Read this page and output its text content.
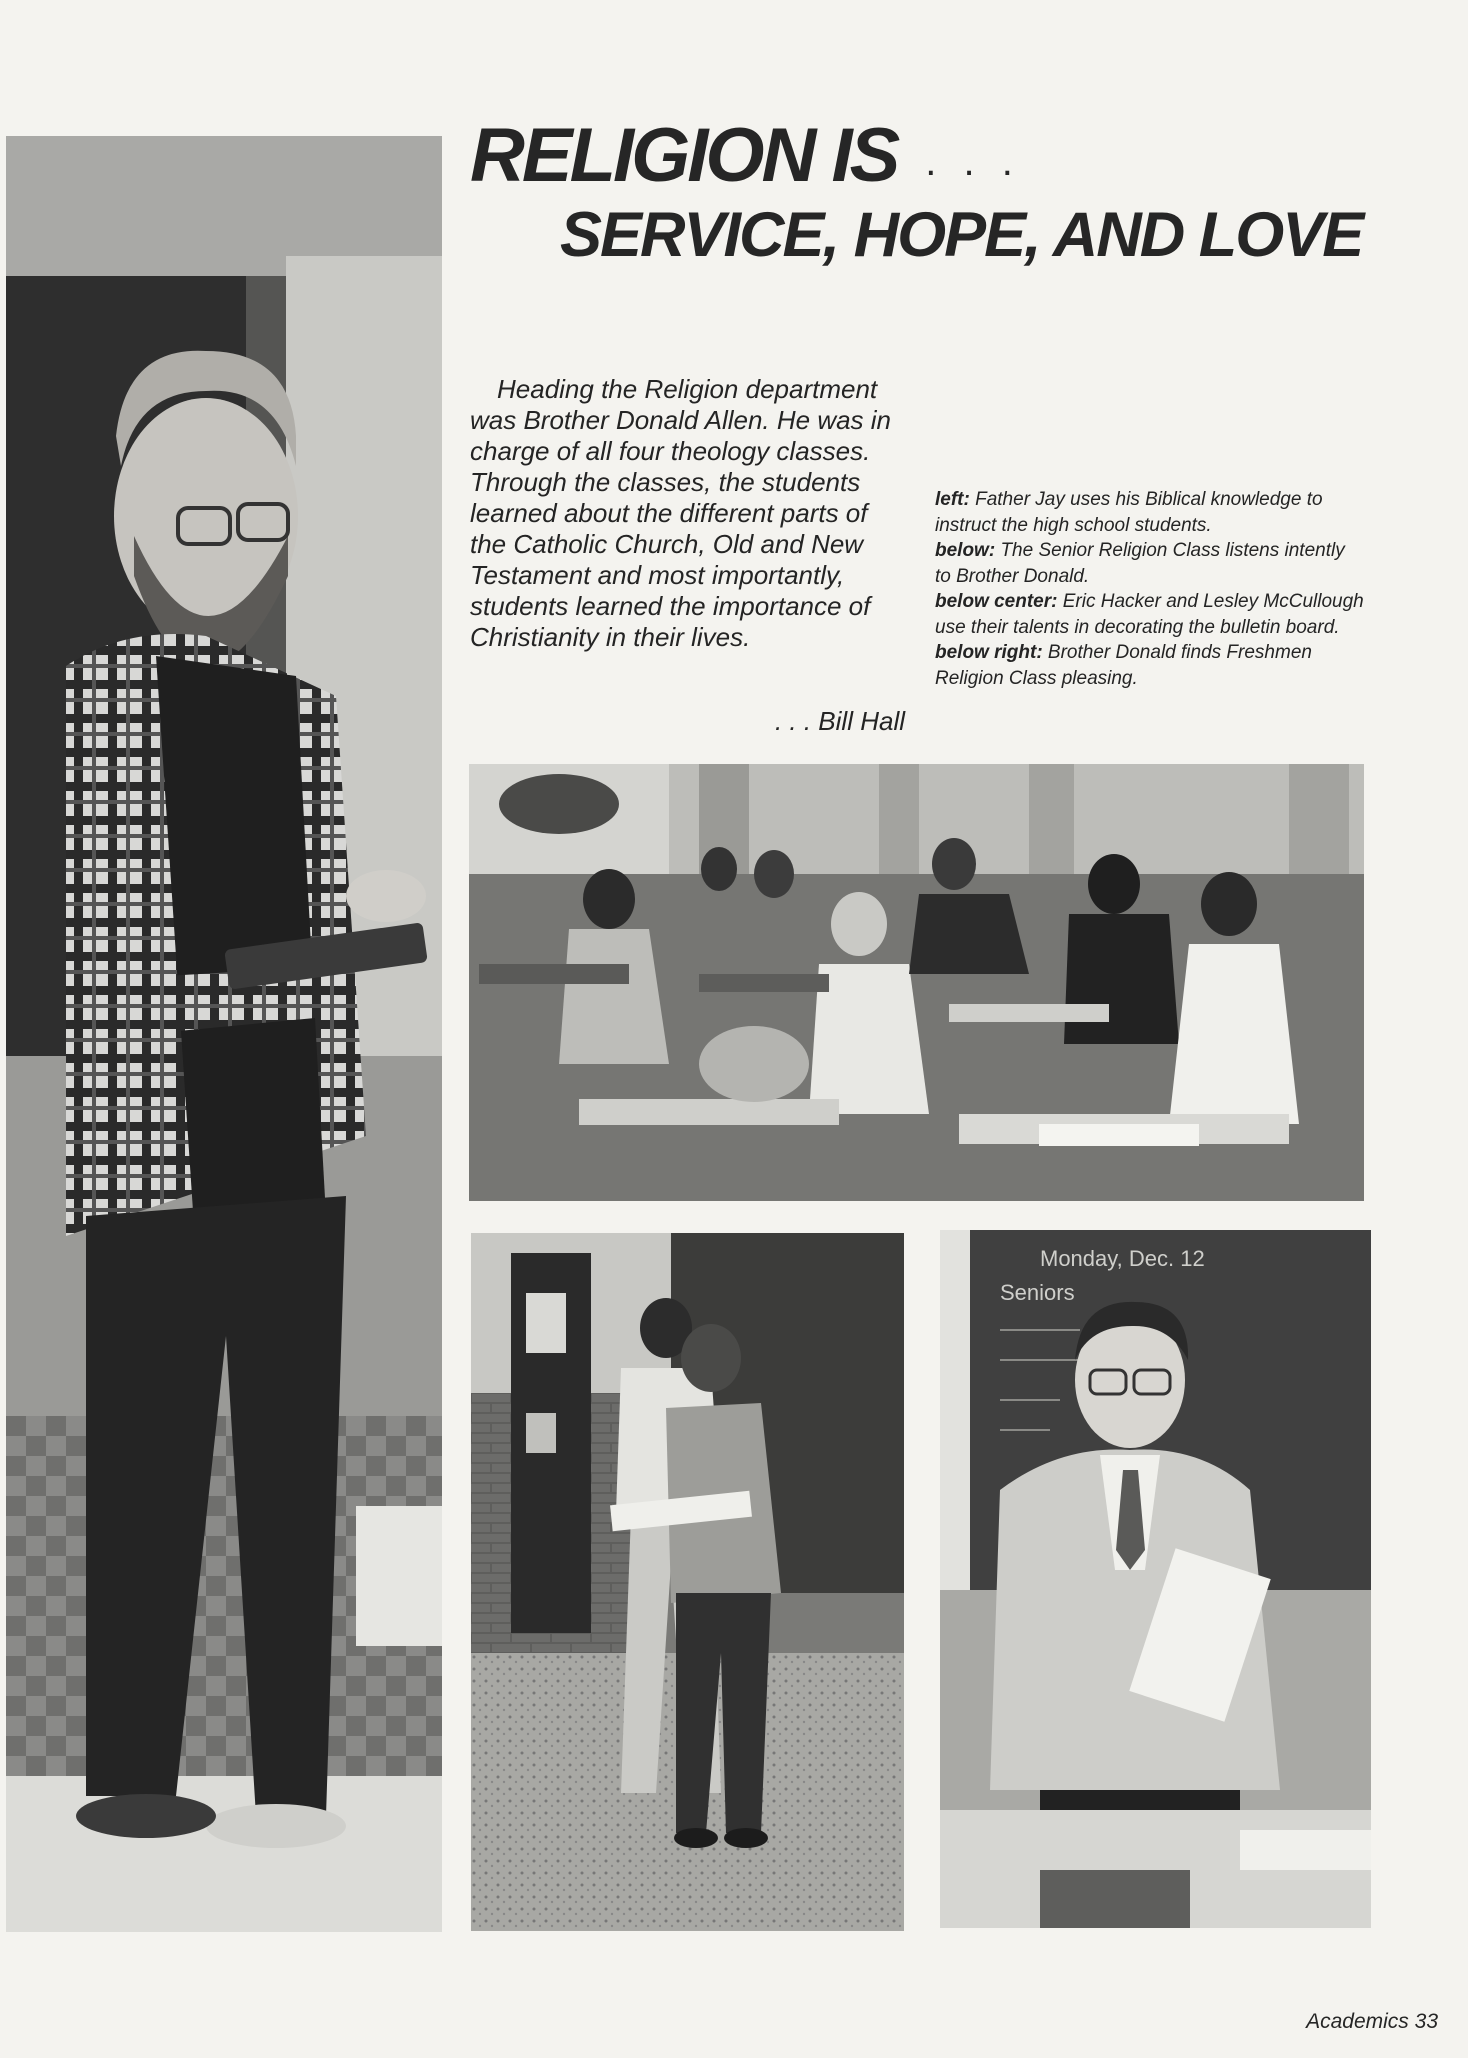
RELIGION IS . . .
SERVICE, HOPE, AND LOVE

Heading the Religion department was Brother Donald Allen. He was in charge of all four theology classes. Through the classes, the students learned about the different parts of the Catholic Church, Old and New Testament and most importantly, students learned the importance of Christianity in their lives.

. . . Bill Hall
left: Father Jay uses his Biblical knowledge to instruct the high school students.
below: The Senior Religion Class listens intently to Brother Donald.
below center: Eric Hacker and Lesley McCullough use their talents in decorating the bulletin board.
below right: Brother Donald finds Freshmen Religion Class pleasing.
Monday, Dec. 12
Seniors
Academics 33
